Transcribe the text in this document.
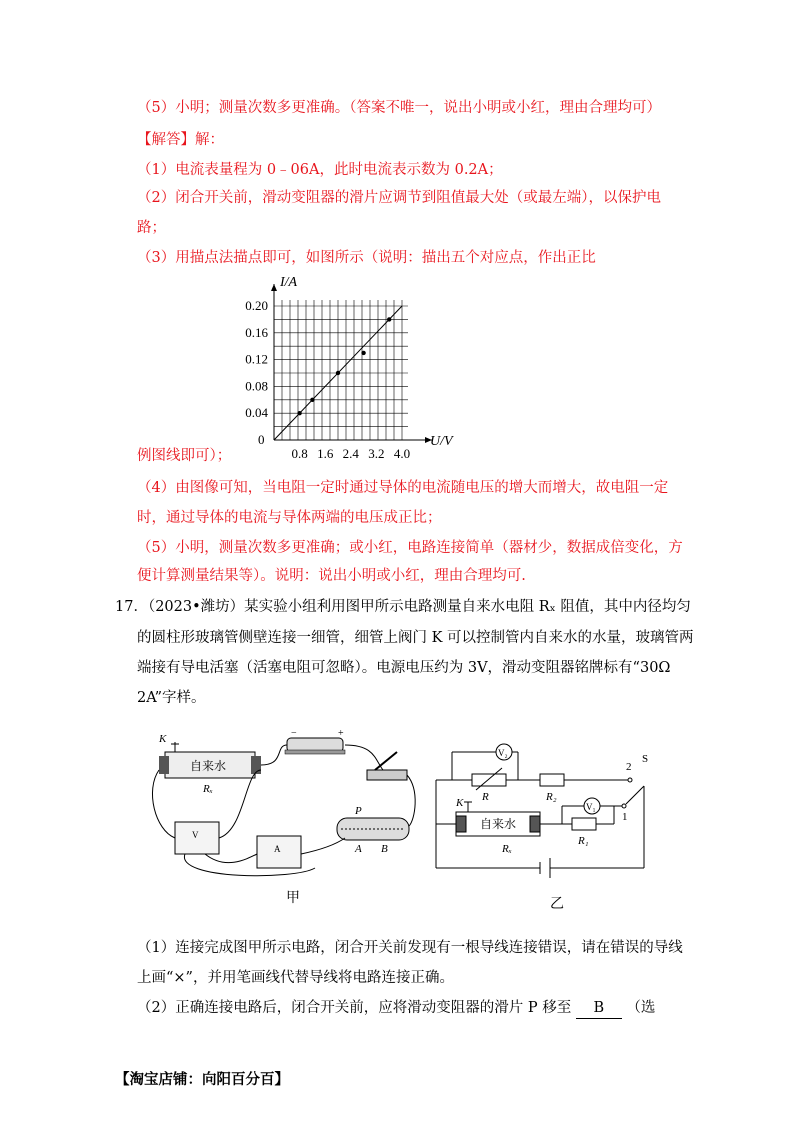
（5）小明；测量次数多更准确。（答案不唯一，说出小明或小红，理由合理均可）
【解答】解：
（1）电流表量程为 0﹣06A，此时电流表示数为 0.2A；
（2）闭合开关前，滑动变阻器的滑片应调节到阻值最大处（或最左端），以保护电
路；
（3）用描点法描点即可，如图所示（说明：描出五个对应点，作出正比
0.8 1.6 2.4 3.2 4.0
0.04
0.08
0.12
0.16
0.20
I/A
U/V
0
例图线即可）；
（4）由图像可知，当电阻一定时通过导体的电流随电压的增大而增大，故电阻一定
时，通过导体的电流与导体两端的电压成正比；
（5）小明，测量次数多更准确；或小红，电路连接简单（器材少，数据成倍变化，方
便计算测量结果等）。说明：说出小明或小红，理由合理均可.
17．（2023•潍坊）某实验小组利用图甲所示电路测量自来水电阻 Rₓ 阻值，其中内径均匀
的圆柱形玻璃管侧壁连接一细管，细管上阀门 K 可以控制管内自来水的水量，玻璃管两
端接有导电活塞（活塞电阻可忽略）。电源电压约为 3V，滑动变阻器铭牌标有“30Ω
2A”字样。
−	+
K
自来水
Rₓ
V
A
P
A B
甲
V₂
V₁
R	R₂
R₁
2
1
S
K
自来水
Rₓ
乙
（1）连接完成图甲所示电路，闭合开关前发现有一根导线连接错误，请在错误的导线
上画“×”，并用笔画线代替导线将电路连接正确。
（2）正确连接电路后，闭合开关前，应将滑动变阻器的滑片 P 移至 B （选
【淘宝店铺：向阳百分百】
